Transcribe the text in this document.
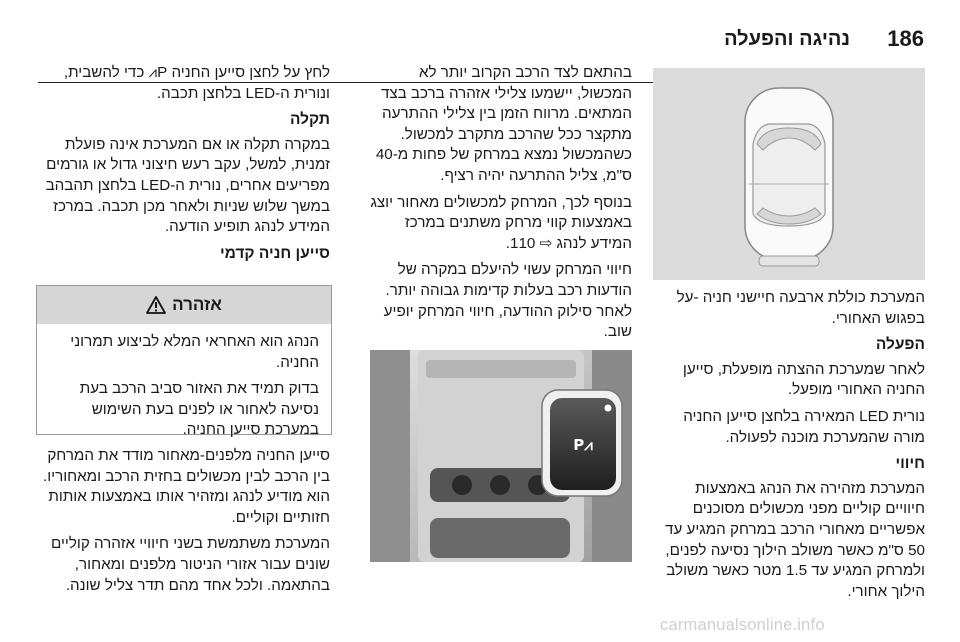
186
נהיגה והפעלה

המערכת כוללת ארבעה חיישני חניה -על בפגוש האחורי.

הפעלה

לאחר שמערכת ההצתה מופעלת, סייען החניה האחורי מופעל.

נורית LED המאירה בלחצן סייען החניה מורה שהמערכת מוכנה לפעולה.

חיווי

המערכת מזהירה את הנהג באמצעות חיוויים קוליים מפני מכשולים מסוכנים אפשריים מאחורי הרכב במרחק המגיע עד 50 ס"מ כאשר משולב הילוך נסיעה לפנים, ולמרחק המגיע עד 1.5 מטר כאשר משולב הילוך אחורי.

בהתאם לצד הרכב הקרוב יותר לא המכשול, יישמעו צלילי אזהרה ברכב בצד המתאים. מרווח הזמן בין צלילי ההתרעה מתקצר ככל שהרכב מתקרב למכשול. כשהמכשול נמצא במרחק של פחות מ-40 ס"מ, צליל ההתרעה יהיה רציף.

בנוסף לכך, המרחק למכשולים מאחור יוצג באמצעות קווי מרחק משתנים במרכז המידע לנהג ⇨ 110.

חיווי המרחק עשוי להיעלם במקרה של הודעות רכב בעלות קדימות גבוהה יותר. לאחר סילוק ההודעה, חיווי המרחק יופיע שוב.

P⩘

לחץ על לחצן סייען החניה P⩘ כדי להשבית, ונורית ה-LED בלחצן תכבה.

תקלה

במקרה תקלה או אם המערכת אינה פועלת זמנית, למשל, עקב רעש חיצוני גדול או גורמים מפריעים אחרים, נורית ה-LED בלחצן תהבהב במשך שלוש שניות ולאחר מכן תכבה. במרכז המידע לנהג תופיע הודעה.

סייען חניה קדמי
אזהרה

הנהג הוא האחראי המלא לביצוע תמרוני החניה.

בדוק תמיד את האזור סביב הרכב בעת נסיעה לאחור או לפנים בעת השימוש במערכת סייען החניה.

סייען החניה מלפנים-מאחור מודד את המרחק בין הרכב לבין מכשולים בחזית הרכב ומאחוריו. הוא מודיע לנהג ומזהיר אותו באמצעות אותות חזותיים וקוליים.

המערכת משתמשת בשני חיוויי אזהרה קוליים שונים עבור אזורי הניטור מלפנים ומאחור, בהתאמה. ולכל אחד מהם תדר צליל שונה.

carmanualsonline.info
